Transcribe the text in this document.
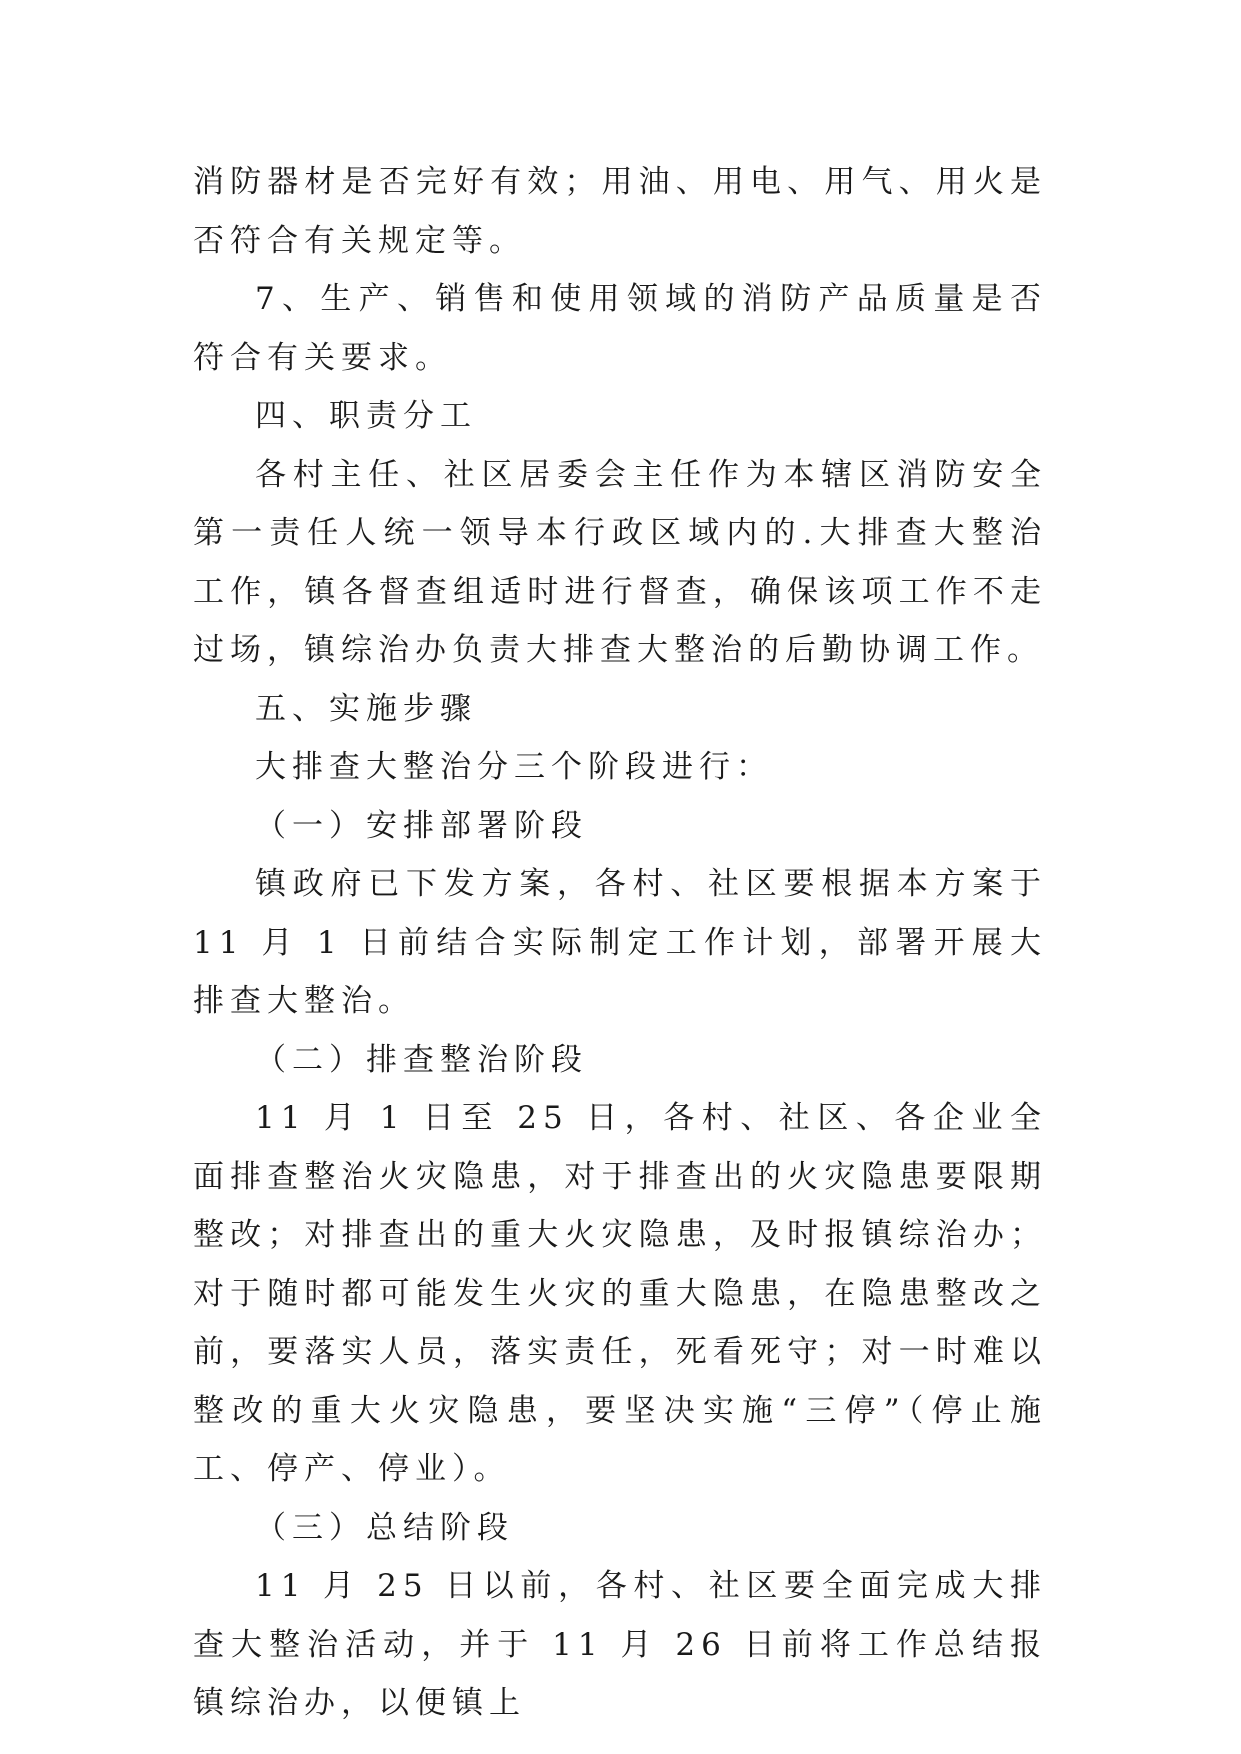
消防器材是否完好有效；用油、用电、用气、用火是否符合有关规定等。

7、生产、销售和使用领域的消防产品质量是否符合有关要求。

四、职责分工

各村主任、社区居委会主任作为本辖区消防安全第一责任人统一领导本行政区域内的.大排查大整治工作，镇各督查组适时进行督查，确保该项工作不走过场，镇综治办负责大排查大整治的后勤协调工作。

五、实施步骤

大排查大整治分三个阶段进行：

（一）安排部署阶段

镇政府已下发方案，各村、社区要根据本方案于 11 月 1 日前结合实际制定工作计划，部署开展大排查大整治。

（二）排查整治阶段

11 月 1 日至 25 日，各村、社区、各企业全面排查整治火灾隐患，对于排查出的火灾隐患要限期整改；对排查出的重大火灾隐患，及时报镇综治办；对于随时都可能发生火灾的重大隐患，在隐患整改之前，要落实人员，落实责任，死看死守；对一时难以整改的重大火灾隐患，要坚决实施“三停”（停止施工、停产、停业）。

（三）总结阶段

11 月 25 日以前，各村、社区要全面完成大排查大整治活动，并于 11 月 26 日前将工作总结报镇综治办，以便镇上
